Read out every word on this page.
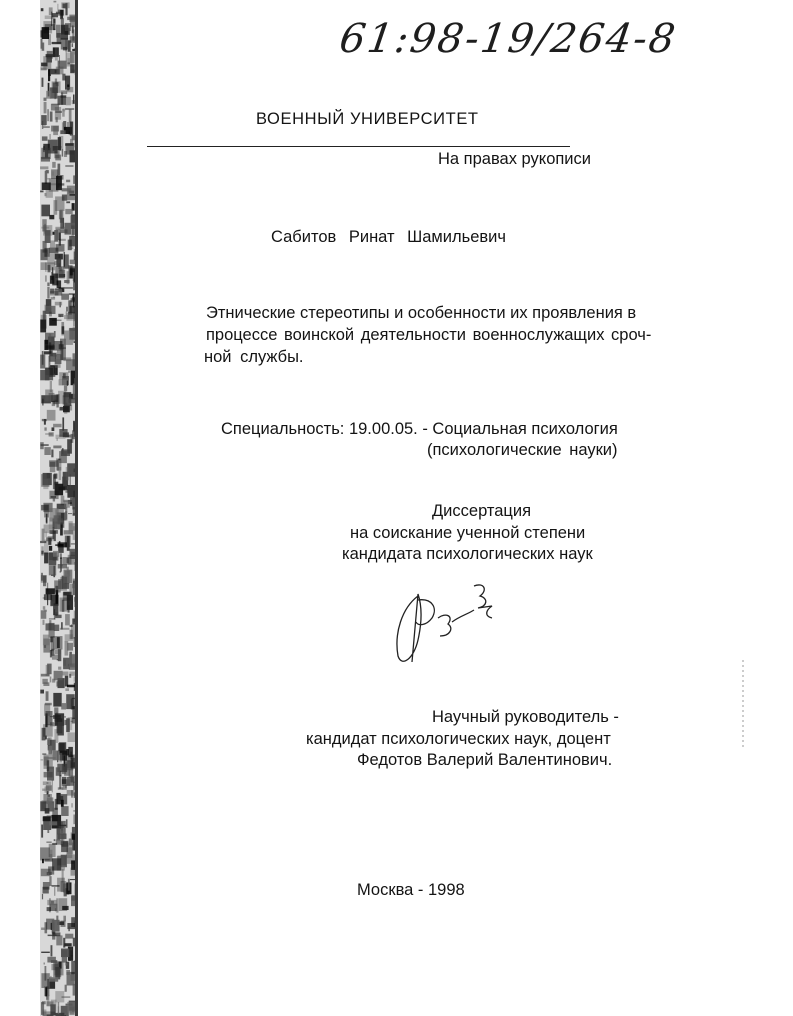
61:98-19/264-8
ВОЕННЫЙ УНИВЕРСИТЕТ
На правах рукописи
Сабитов Ринат Шамильевич
Этнические стереотипы и особенности их проявления в
процессе воинской деятельности военнослужащих сроч-
ной службы.
Специальность: 19.00.05. - Социальная психология
(психологические науки)
Диссертация
на соискание ученной степени
кандидата психологических наук
Научный руководитель -
кандидат психологических наук, доцент
Федотов Валерий Валентинович.
Москва - 1998
